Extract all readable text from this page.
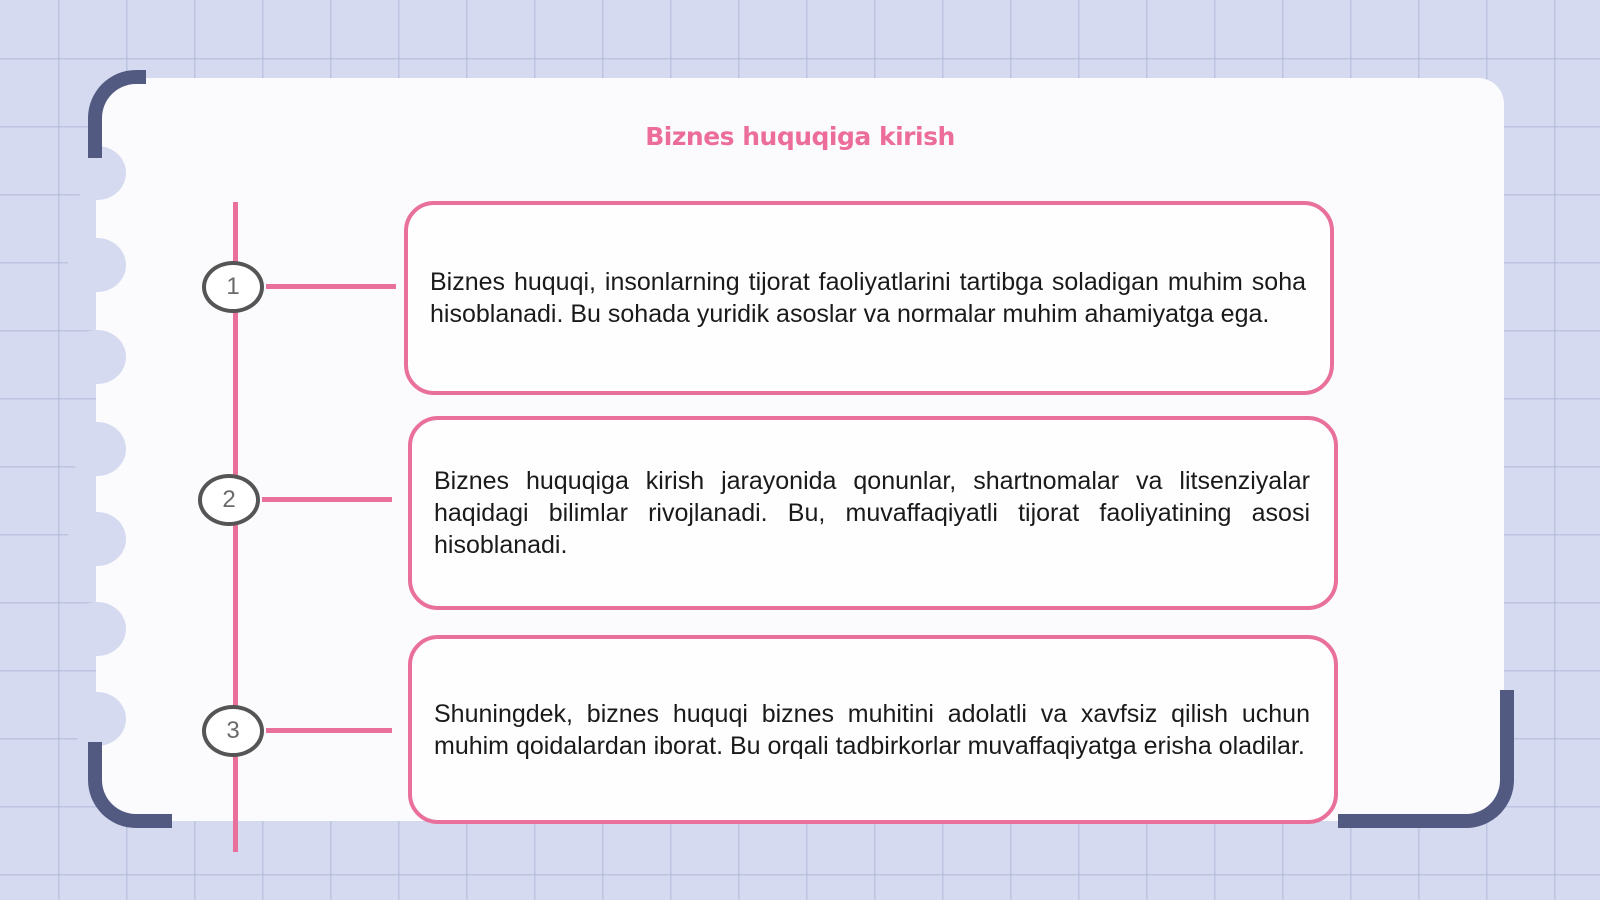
Biznes huquqiga kirish
1
2
3

Biznes huquqi, insonlarning tijorat faoliyatlarini tartibga soladigan muhim soha hisoblanadi. Bu sohada yuridik asoslar va normalar muhim ahamiyatga ega.

Biznes huquqiga kirish jarayonida qonunlar, shartnomalar va litsenziyalar haqidagi bilimlar rivojlanadi. Bu, muvaffaqiyatli tijorat faoliyatining asosi hisoblanadi.

Shuningdek, biznes huquqi biznes muhitini adolatli va xavfsiz qilish uchun muhim qoidalardan iborat. Bu orqali tadbirkorlar muvaffaqiyatga erisha oladilar.
